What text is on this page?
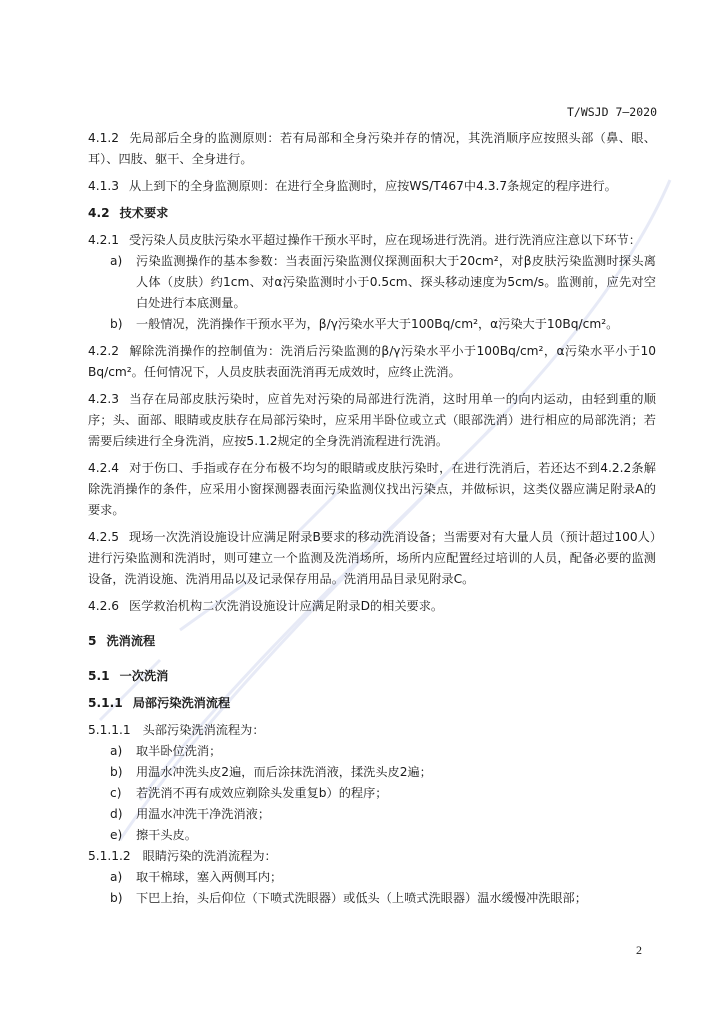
T/WSJD 7—2020

4.1.2 先局部后全身的监测原则：若有局部和全身污染并存的情况，其洗消顺序应按照头部（鼻、眼、耳）、四肢、躯干、全身进行。

4.1.3 从上到下的全身监测原则：在进行全身监测时，应按WS/T467中4.3.7条规定的程序进行。

4.2 技术要求

4.2.1 受污染人员皮肤污染水平超过操作干预水平时，应在现场进行洗消。进行洗消应注意以下环节：

a) 污染监测操作的基本参数：当表面污染监测仪探测面积大于20cm²，对β皮肤污染监测时探头离人体（皮肤）约1cm、对α污染监测时小于0.5cm、探头移动速度为5cm/s。监测前，应先对空白处进行本底测量。

b) 一般情况，洗消操作干预水平为，β/γ污染水平大于100Bq/cm²，α污染大于10Bq/cm²。

4.2.2 解除洗消操作的控制值为：洗消后污染监测的β/γ污染水平小于100Bq/cm²，α污染水平小于10 Bq/cm²。任何情况下，人员皮肤表面洗消再无成效时，应终止洗消。

4.2.3 当存在局部皮肤污染时，应首先对污染的局部进行洗消，这时用单一的向内运动，由轻到重的顺序；头、面部、眼睛或皮肤存在局部污染时，应采用半卧位或立式（眼部洗消）进行相应的局部洗消；若需要后续进行全身洗消，应按5.1.2规定的全身洗消流程进行洗消。

4.2.4 对于伤口、手指或存在分布极不均匀的眼睛或皮肤污染时，在进行洗消后，若还达不到4.2.2条解除洗消操作的条件，应采用小窗探测器表面污染监测仪找出污染点，并做标识，这类仪器应满足附录A的要求。

4.2.5 现场一次洗消设施设计应满足附录B要求的移动洗消设备；当需要对有大量人员（预计超过100人）进行污染监测和洗消时，则可建立一个监测及洗消场所，场所内应配置经过培训的人员，配备必要的监测设备，洗消设施、洗消用品以及记录保存用品。洗消用品目录见附录C。

4.2.6 医学救治机构二次洗消设施设计应满足附录D的相关要求。

5 洗消流程

5.1 一次洗消

5.1.1 局部污染洗消流程

5.1.1.1 头部污染洗消流程为：

a) 取半卧位洗消；

b) 用温水冲洗头皮2遍，而后涂抹洗消液，揉洗头皮2遍；

c) 若洗消不再有成效应剃除头发重复b）的程序；

d) 用温水冲洗干净洗消液；

e) 擦干头皮。

5.1.1.2 眼睛污染的洗消流程为：

a) 取干棉球，塞入两侧耳内；

b) 下巴上抬，头后仰位（下喷式洗眼器）或低头（上喷式洗眼器）温水缓慢冲洗眼部；

2
